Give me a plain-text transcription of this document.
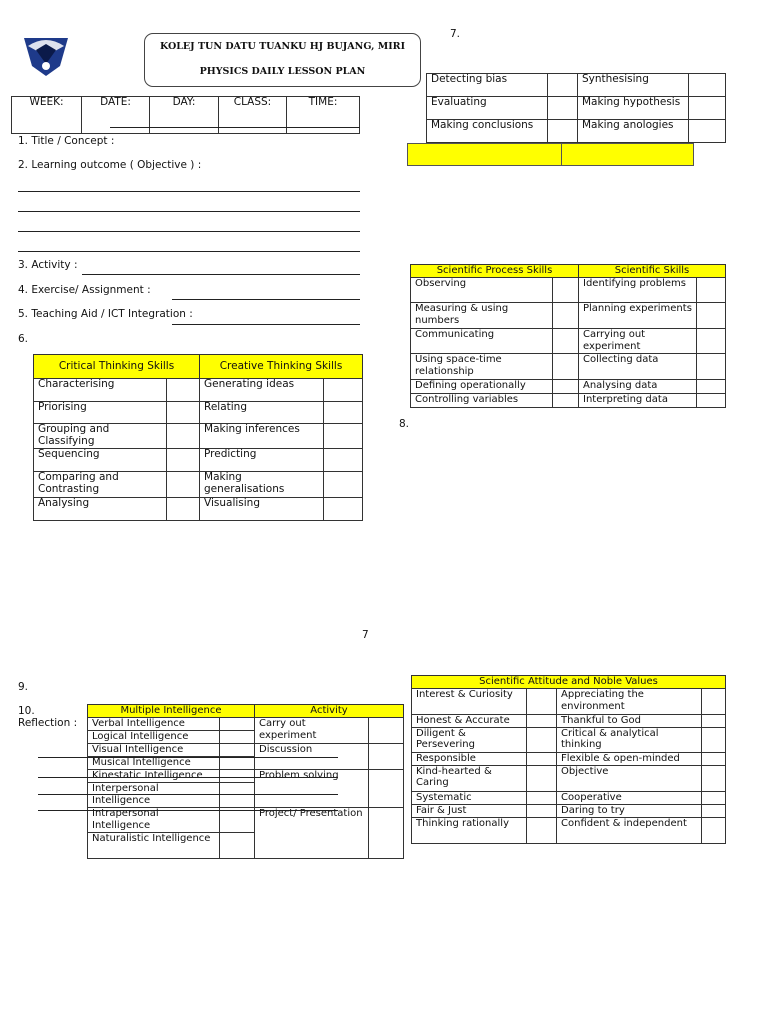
KOLEJ TUN DATU TUANKU HJ BUJANG, MIRI
PHYSICS DAILY LESSON PLAN
WEEK:	DATE:	DAY:	CLASS:	TIME:
1. Title / Concept :
2. Learning outcome ( Objective ) :
3. Activity :
4. Exercise/ Assignment :
5. Teaching Aid / ICT Integration :
6.
Critical Thinking Skills		Creative Thinking Skills	
Characterising		Generating ideas	
Priorising		Relating	
Grouping and Classifying		Making inferences	
Sequencing		Predicting	
Comparing and Contrasting		Making generalisations	
Analysing		Visualising	
7.
Detecting bias		Synthesising	
Evaluating		Making hypothesis	
Making conclusions		Making anologies	
Scientific Process Skills		Scientific Skills	
Observing		Identifying problems	
Measuring & using numbers		Planning experiments	
Communicating		Carrying out experiment	
Using space-time relationship		Collecting data	
Defining operationally		Analysing data	
Controlling variables		Interpreting data	
8.
7
9.
10.
Reflection :
Multiple Intelligence		Activity	
Verbal Intelligence		Carry out experiment	
Logical Intelligence			
Visual Intelligence		Discussion	
Musical Intelligence			
Kinestatic Intelligence		Problem solving	
Interpersonal Intelligence			
Intrapersonal Intelligence		Project/ Presentation	
Naturalistic Intelligence			
Scientific Attitude and Noble Values			
Interest & Curiosity		Appreciating the environment	
Honest & Accurate		Thankful to God	
Diligent & Persevering		Critical & analytical thinking	
Responsible		Flexible & open-minded	
Kind-hearted & Caring		Objective	
Systematic		Cooperative	
Fair & Just		Daring to try	
Thinking rationally		Confident & independent	
